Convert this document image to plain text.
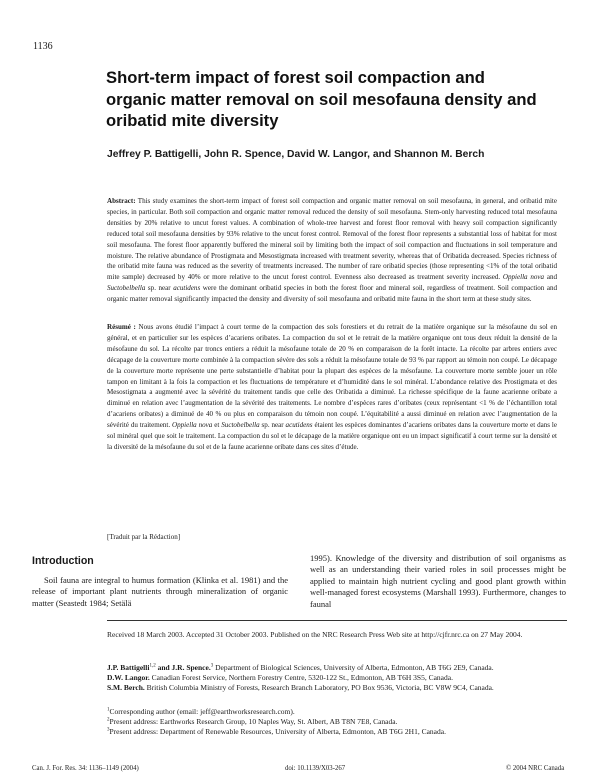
1136
Short-term impact of forest soil compaction and organic matter removal on soil mesofauna density and oribatid mite diversity
Jeffrey P. Battigelli, John R. Spence, David W. Langor, and Shannon M. Berch
Abstract: This study examines the short-term impact of forest soil compaction and organic matter removal on soil mesofauna, in general, and oribatid mite species, in particular. Both soil compaction and organic matter removal reduced the density of soil mesofauna. Stem-only harvesting reduced total mesofauna densities by 20% relative to uncut forest values. A combination of whole-tree harvest and forest floor removal with heavy soil compaction significantly reduced total soil mesofauna densities by 93% relative to the uncut forest control. Removal of the forest floor represents a substantial loss of habitat for most soil mesofauna. The forest floor apparently buffered the mineral soil by limiting both the impact of soil compaction and fluctuations in soil temperature and moisture. The relative abundance of Prostigmata and Mesostigmata increased with treatment severity, whereas that of Oribatida decreased. Species richness of the oribatid mite fauna was reduced as the severity of treatments increased. The number of rare oribatid species (those representing <1% of the total oribatid mite sample) decreased by 40% or more relative to the uncut forest control. Evenness also decreased as treatment severity increased. Oppiella nova and Suctobelbella sp. near acutidens were the dominant oribatid species in both the forest floor and mineral soil, regardless of treatment. Soil compaction and organic matter removal significantly impacted the density and diversity of soil mesofauna and oribatid mite fauna in the short term at these study sites.
Résumé : Nous avons étudié l’impact à court terme de la compaction des sols forestiers et du retrait de la matière organique sur la mésofaune du sol en général, et en particulier sur les espèces d’acariens oribates. La compaction du sol et le retrait de la matière organique ont tous deux réduit la densité de la mésofaune du sol. La récolte par troncs entiers a réduit la mésofaune totale de 20 % en comparaison de la forêt intacte. La récolte par arbres entiers avec décapage de la couverture morte combinée à la compaction sévère des sols a réduit la mésofaune totale de 93 % par rapport au témoin non coupé. Le décapage de la couverture morte représente une perte substantielle d’habitat pour la plupart des espèces de la mésofaune. La couverture morte semble jouer un rôle tampon en limitant à la fois la compaction et les fluctuations de température et d’humidité dans le sol minéral. L’abondance relative des Prostigmata et des Mesostigmata a augmenté avec la sévérité du traitement tandis que celle des Oribatida a diminué. La richesse spécifique de la faune acarienne oribate a diminué en relation avec l’augmentation de la sévérité des traitements. Le nombre d’espèces rares d’oribates (ceux représentant <1 % de l’échantillon total d’acariens oribates) a diminué de 40 % ou plus en comparaison du témoin non coupé. L’équitabilité a aussi diminué en relation avec l’augmentation de la sévérité du traitement. Oppiella nova et Suctobelbella sp. near acutidens étaient les espèces dominantes d’acariens oribates dans la couverture morte et dans le sol minéral quel que soit le traitement. La compaction du sol et le décapage de la matière organique ont eu un impact significatif à court terme sur la densité et la diversité de la mésofaune du sol et de la faune acarienne oribate dans ces sites d’étude.
[Traduit par la Rédaction]
Introduction

Soil fauna are integral to humus formation (Klinka et al. 1981) and the release of important plant nutrients through mineralization of organic matter (Seastedt 1984; Setälä

1995). Knowledge of the diversity and distribution of soil organisms as well as an understanding their varied roles in soil processes might be applied to maintain high nutrient cycling and good plant growth within well-managed forest ecosystems (Marshall 1993). Furthermore, changes to faunal

Received 18 March 2003. Accepted 31 October 2003. Published on the NRC Research Press Web site at http://cjfr.nrc.ca on 27 May 2004.
J.P. Battigelli$^{1,2}$ and J.R. Spence.$^3$ Department of Biological Sciences, University of Alberta, Edmonton, AB T6G 2E9, Canada.
D.W. Langor. Canadian Forest Service, Northern Forestry Centre, 5320-122 St., Edmonton, AB T6H 3S5, Canada.
S.M. Berch. British Columbia Ministry of Forests, Research Branch Laboratory, PO Box 9536, Victoria, BC V8W 9C4, Canada.
$^1$Corresponding author (email: jeff@earthworksresearch.com).
$^2$Present address: Earthworks Research Group, 10 Naples Way, St. Albert, AB T8N 7E8, Canada.
$^3$Present address: Department of Renewable Resources, University of Alberta, Edmonton, AB T6G 2H1, Canada.
Can. J. For. Res. 34: 1136–1149 (2004)	doi: 10.1139/X03-267	© 2004 NRC Canada
